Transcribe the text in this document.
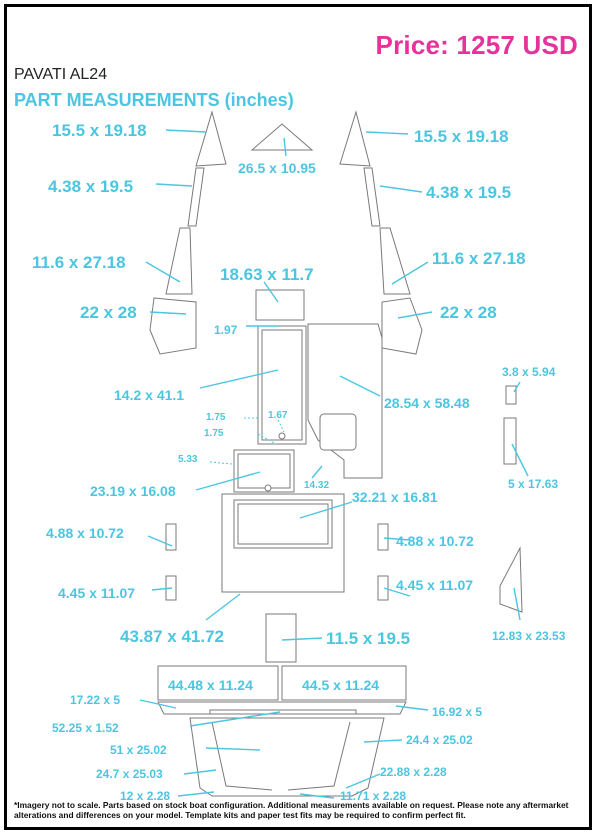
Price: 1257 USD
PAVATI AL24
PART MEASUREMENTS (inches)
15.5 x 19.18
26.5 x 10.95
15.5 x 19.18
4.38 x 19.5	4.38 x 19.5
11.6 x 27.18	11.6 x 27.18
22 x 28	22 x 28
18.63 x 11.7
1.97
14.2 x 41.1	28.54 x 58.48
3.8 x 5.94
5 x 17.63
1.75	1.67
1.75
5.33
14.32
23.19 x 16.08	32.21 x 16.81
4.88 x 10.72	4.88 x 10.72
4.45 x 11.07	4.45 x 11.07
12.83 x 23.53
43.87 x 41.72	11.5 x 19.5
44.48 x 11.24	44.5 x 11.24
17.22 x 5
16.92 x 5
52.25 x 1.52
51 x 25.02
24.4 x 25.02
24.7 x 25.03	22.88 x 2.28
12 x 2.28	11.71 x 2.28
*Imagery not to scale. Parts based on stock boat configuration. Additional measurements available on request. Please note any aftermarket alterations and differences on your model. Template kits and paper test fits may be required to confirm perfect fit.
